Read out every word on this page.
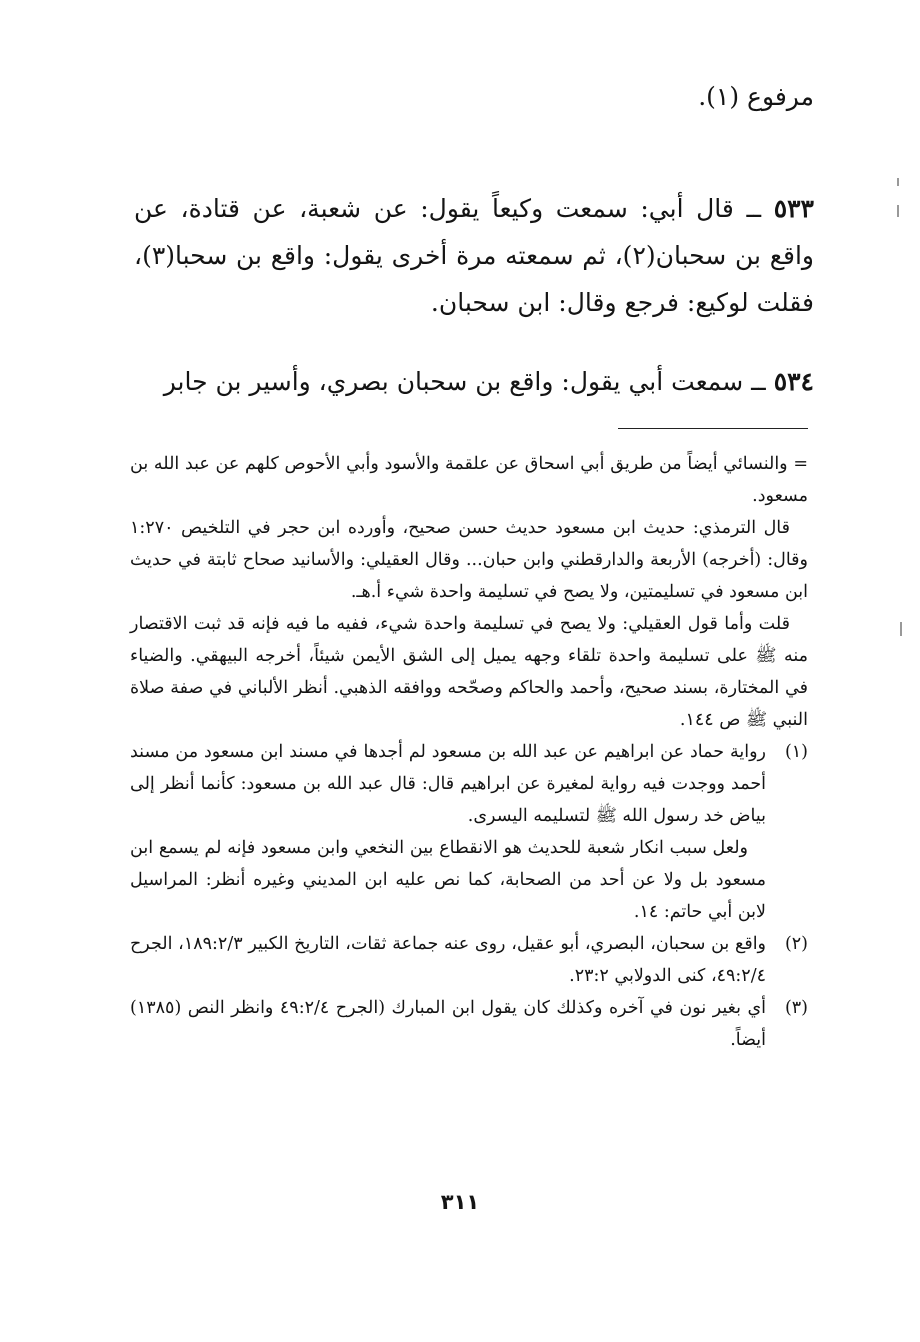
مرفوع (١).

٥٣٣ ــ قال أبي: سمعت وكيعاً يقول: عن شعبة، عن قتادة، عن واقع بن سحبان(٢)، ثم سمعته مرة أخرى يقول: واقع بن سحبا(٣)، فقلت لوكيع: فرجع وقال: ابن سحبان.

٥٣٤ ــ سمعت أبي يقول: واقع بن سحبان بصري، وأسير بن جابر

= والنسائي أيضاً من طريق أبي اسحاق عن علقمة والأسود وأبي الأحوص كلهم عن عبد الله بن مسعود.

قال الترمذي: حديث ابن مسعود حديث حسن صحيح، وأورده ابن حجر في التلخيص ١:٢٧٠ وقال: (أخرجه) الأربعة والدارقطني وابن حبان... وقال العقيلي: والأسانيد صحاح ثابتة في حديث ابن مسعود في تسليمتين، ولا يصح في تسليمة واحدة شيء أ.هـ.

قلت وأما قول العقيلي: ولا يصح في تسليمة واحدة شيء، ففيه ما فيه فإنه قد ثبت الاقتصار منه ﷺ على تسليمة واحدة تلقاء وجهه يميل إلى الشق الأيمن شيئاً، أخرجه البيهقي. والضياء في المختارة، بسند صحيح، وأحمد والحاكم وصحّحه ووافقه الذهبي. أنظر الألباني في صفة صلاة النبي ﷺ ص ١٤٤.

(١)

رواية حماد عن ابراهيم عن عبد الله بن مسعود لم أجدها في مسند ابن مسعود من مسند أحمد ووجدت فيه رواية لمغيرة عن ابراهيم قال: قال عبد الله بن مسعود: كأنما أنظر إلى بياض خد رسول الله ﷺ لتسليمه اليسرى.

ولعل سبب انكار شعبة للحديث هو الانقطاع بين النخعي وابن مسعود فإنه لم يسمع ابن مسعود بل ولا عن أحد من الصحابة، كما نص عليه ابن المديني وغيره أنظر: المراسيل لابن أبي حاتم: ١٤.

(٢)

واقع بن سحبان، البصري، أبو عقيل، روى عنه جماعة ثقات، التاريخ الكبير ١٨٩:٢/٣، الجرح ٤٩:٢/٤، كنى الدولابي ٢٣:٢.

(٣)

أي بغير نون في آخره وكذلك كان يقول ابن المبارك (الجرح ٤٩:٢/٤ وانظر النص (١٣٨٥) أيضاً.

٣١١
